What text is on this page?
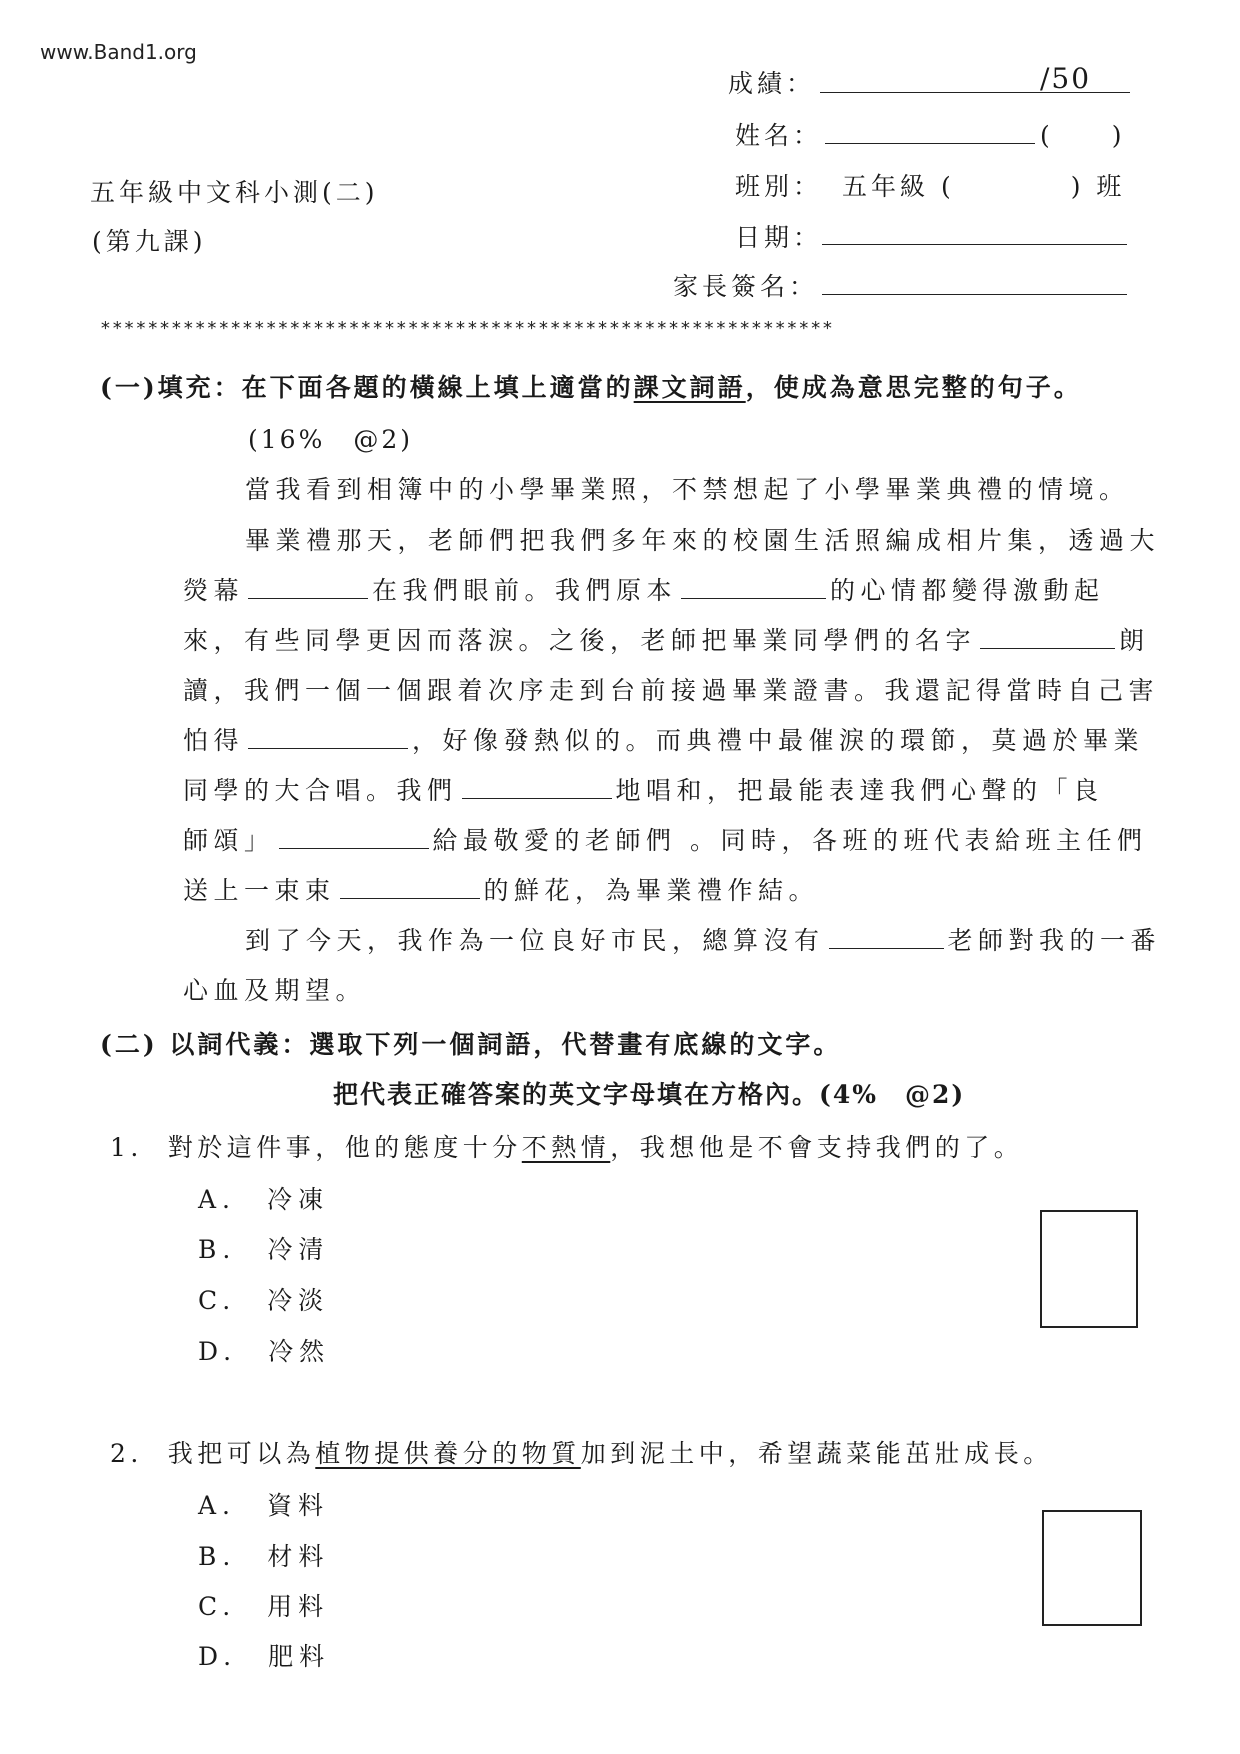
www.Band1.org
成績：	/50
姓名：	(　　)
班別： 五年級 (　　　　) 班
日期：
家長簽名：
五年級中文科小測(二)
(第九課)
**************************************************************
(一)填充：在下面各題的橫線上填上適當的課文詞語，使成為意思完整的句子。
(16%　@2)
當我看到相簿中的小學畢業照，不禁想起了小學畢業典禮的情境。
畢業禮那天，老師們把我們多年來的校園生活照編成相片集，透過大
熒幕	在我們眼前。我們原本	的心情都變得激動起
來，有些同學更因而落淚。之後，老師把畢業同學們的名字	朗
讀，我們一個一個跟着次序走到台前接過畢業證書。我還記得當時自己害
怕得	，好像發熱似的。而典禮中最催淚的環節，莫過於畢業
同學的大合唱。我們	地唱和，把最能表達我們心聲的「良
師頌」	給最敬愛的老師們 。同時，各班的班代表給班主任們
送上一束束	的鮮花，為畢業禮作結。
到了今天，我作為一位良好市民，總算沒有	老師對我的一番
心血及期望。
(二) 以詞代義：選取下列一個詞語，代替畫有底線的文字。
把代表正確答案的英文字母填在方格內。(4%　@2)
1. 對於這件事，他的態度十分不熱情，我想他是不會支持我們的了。
A.　冷凍
B.　冷清
C.　冷淡
D.　冷然
2. 我把可以為植物提供養分的物質加到泥土中，希望蔬菜能茁壯成長。
A.　資料
B.　材料
C.　用料
D.　肥料
